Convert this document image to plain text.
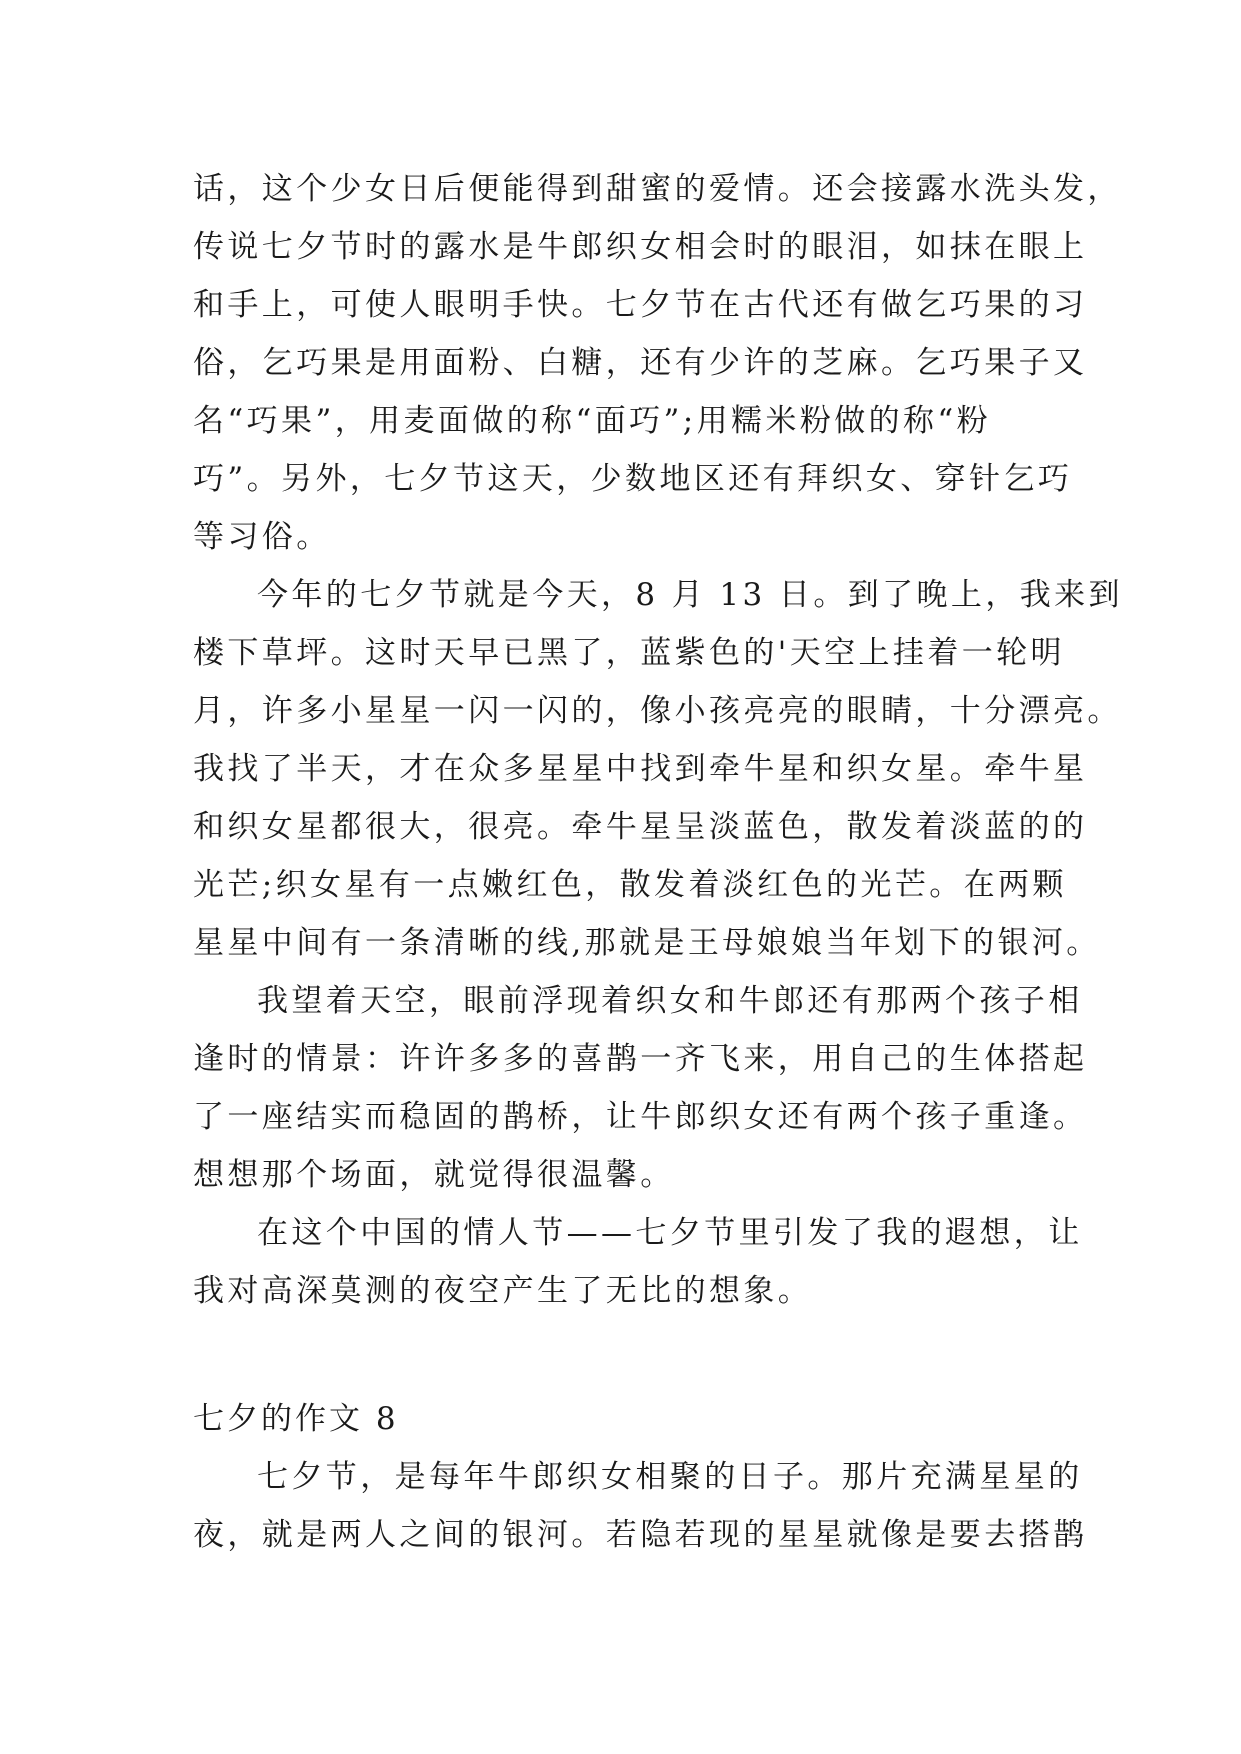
话，这个少女日后便能得到甜蜜的爱情。还会接露水洗头发，
传说七夕节时的露水是牛郎织女相会时的眼泪，如抹在眼上
和手上，可使人眼明手快。七夕节在古代还有做乞巧果的习
俗，乞巧果是用面粉、白糖，还有少许的芝麻。乞巧果子又
名“巧果”，用麦面做的称“面巧”;用糯米粉做的称“粉
巧”。另外，七夕节这天，少数地区还有拜织女、穿针乞巧
等习俗。
今年的七夕节就是今天，8 月 13 日。到了晚上，我来到
楼下草坪。这时天早已黑了，蓝紫色的'天空上挂着一轮明
月，许多小星星一闪一闪的，像小孩亮亮的眼睛，十分漂亮。
我找了半天，才在众多星星中找到牵牛星和织女星。牵牛星
和织女星都很大，很亮。牵牛星呈淡蓝色，散发着淡蓝的的
光芒;织女星有一点嫩红色，散发着淡红色的光芒。在两颗
星星中间有一条清晰的线,那就是王母娘娘当年划下的银河。
我望着天空，眼前浮现着织女和牛郎还有那两个孩子相
逢时的情景：许许多多的喜鹊一齐飞来，用自己的生体搭起
了一座结实而稳固的鹊桥，让牛郎织女还有两个孩子重逢。
想想那个场面，就觉得很温馨。
在这个中国的情人节——七夕节里引发了我的遐想，让
我对高深莫测的夜空产生了无比的想象。
七夕的作文 8
七夕节，是每年牛郎织女相聚的日子。那片充满星星的
夜，就是两人之间的银河。若隐若现的星星就像是要去搭鹊
